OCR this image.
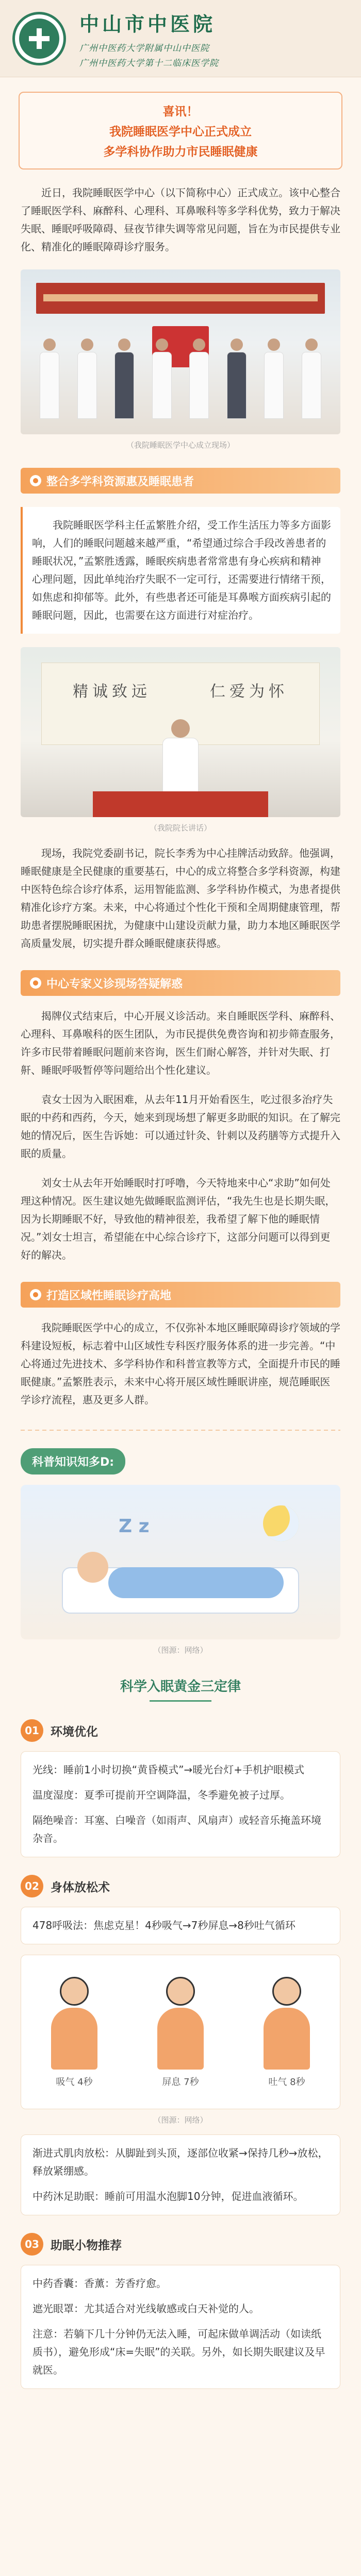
中山市中医院
广州中医药大学附属中山中医院
广州中医药大学第十二临床医学院
喜讯！
我院睡眠医学中心正式成立
多学科协作助力市民睡眠健康

近日，我院睡眠医学中心（以下简称中心）正式成立。该中心整合了睡眠医学科、麻醉科、心理科、耳鼻喉科等多学科优势，致力于解决失眠、睡眠呼吸障碍、昼夜节律失调等常见问题，旨在为市民提供专业化、精准化的睡眠障碍诊疗服务。

（我院睡眠医学中心成立现场）
整合多学科资源惠及睡眠患者

我院睡眠医学科主任孟繁胜介绍，受工作生活压力等多方面影响，人们的睡眠问题越来越严重，“希望通过综合手段改善患者的睡眠状况，”孟繁胜透露，睡眠疾病患者常常患有身心疾病和精神心理问题，因此单纯治疗失眠不一定可行，还需要进行情绪干预，如焦虑和抑郁等。此外，有些患者还可能是耳鼻喉方面疾病引起的睡眠问题，因此，也需要在这方面进行对症治疗。

精诚致远	仁爱为怀
（我院院长讲话）

现场，我院党委副书记，院长李秀为中心挂牌活动致辞。他强调，睡眠健康是全民健康的重要基石，中心的成立将整合多学科资源，构建中医特色综合诊疗体系，运用智能监测、多学科协作模式，为患者提供精准化诊疗方案。未来，中心将通过个性化干预和全周期健康管理，帮助患者摆脱睡眠困扰，为健康中山建设贡献力量，助力本地区睡眠医学高质量发展，切实提升群众睡眠健康获得感。

中心专家义诊现场答疑解惑

揭牌仪式结束后，中心开展义诊活动。来自睡眠医学科、麻醉科、心理科、耳鼻喉科的医生团队，为市民提供免费咨询和初步筛查服务，许多市民带着睡眠问题前来咨询，医生们耐心解答，并针对失眠、打鼾、睡眠呼吸暂停等问题给出个性化建议。

袁女士因为入眠困难，从去年11月开始看医生，吃过很多治疗失眠的中药和西药，今天，她来到现场想了解更多助眠的知识。在了解完她的情况后，医生告诉她：可以通过针灸、针刺以及药膳等方式提升入眠的质量。

刘女士从去年开始睡眠时打呼噜，今天特地来中心“求助”如何处理这种情况。医生建议她先做睡眠监测评估，“我先生也是长期失眠，因为长期睡眠不好，导致他的精神很差，我希望了解下他的睡眠情况。”刘女士坦言，希望能在中心综合诊疗下，这部分问题可以得到更好的解决。

打造区域性睡眠诊疗高地

我院睡眠医学中心的成立，不仅弥补本地区睡眠障碍诊疗领域的学科建设短板，标志着中山区域性专科医疗服务体系的进一步完善。“中心将通过先进技术、多学科协作和科普宣教等方式，全面提升市民的睡眠健康。”孟繁胜表示，未来中心将开展区域性睡眠讲座，规范睡眠医学诊疗流程，惠及更多人群。

科普知识知多D:
Z z
（图源：网络）
科学入眠黄金三定律
01 环境优化

光线：睡前1小时切换“黄昏模式”→暖光台灯+手机护眼模式

温度湿度：夏季可提前开空调降温，冬季避免被子过厚。

隔绝噪音：耳塞、白噪音（如雨声、风扇声）或轻音乐掩盖环境杂音。

02 身体放松术

478呼吸法：焦虑克星！4秒吸气→7秒屏息→8秒吐气循环

吸气 4秒	屏息 7秒	吐气 8秒
（图源：网络）

渐进式肌肉放松：从脚趾到头顶，逐部位收紧→保持几秒→放松，释放紧绷感。

中药沐足助眠：睡前可用温水泡脚10分钟，促进血液循环。

03 助眠小物推荐

中药香囊：香薰：芳香疗愈。

遮光眼罩：尤其适合对光线敏感或白天补觉的人。

注意：若躺下几十分钟仍无法入睡，可起床做单调活动（如读纸质书），避免形成“床=失眠”的关联。另外，如长期失眠建议及早就医。
